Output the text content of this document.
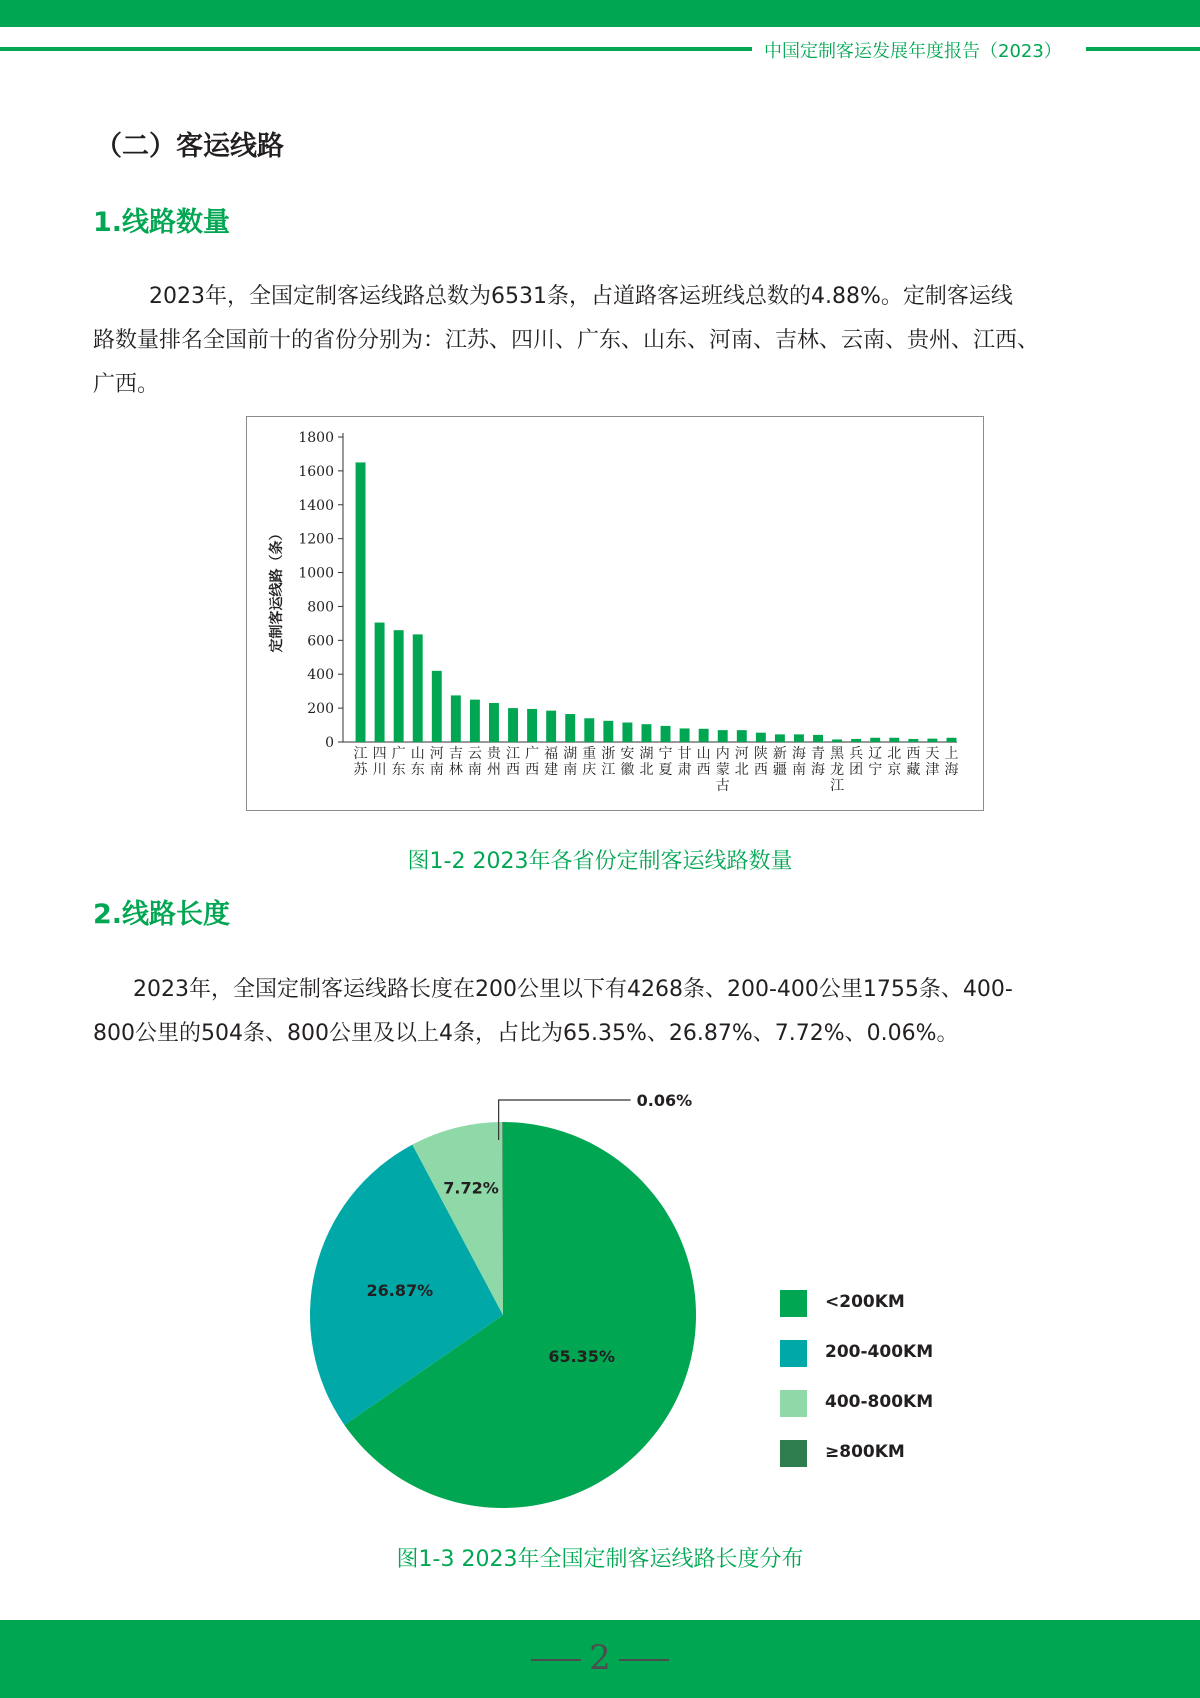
中国定制客运发展年度报告（2023）
（二）客运线路
1.线路数量

2023年，全国定制客运线路总数为6531条，占道路客运班线总数的4.88%。定制客运线

路数量排名全国前十的省份分别为：江苏、四川、广东、山东、河南、吉林、云南、贵州、江西、

广西。

0
200
400
600
800
1000
1200
1400
1600
1800
定制客运线路（条）
江苏
四川
广东
山东
河南
吉林
云南
贵州
江西
广西
福建
湖南
重庆
浙江
安徽
湖北
宁夏
甘肃
山西
内蒙古
河北
陕西
新疆
海南
青海
黑龙江
兵团
辽宁
北京
西藏
天津
上海
图1-2 2023年各省份定制客运线路数量
2.线路长度

2023年，全国定制客运线路长度在200公里以下有4268条、200-400公里1755条、400-

800公里的504条、800公里及以上4条，占比为65.35%、26.87%、7.72%、0.06%。

65.35%
26.87%
7.72%
0.06%
<200KM
200-400KM
400-800KM
≥800KM
图1-3 2023年全国定制客运线路长度分布
2
